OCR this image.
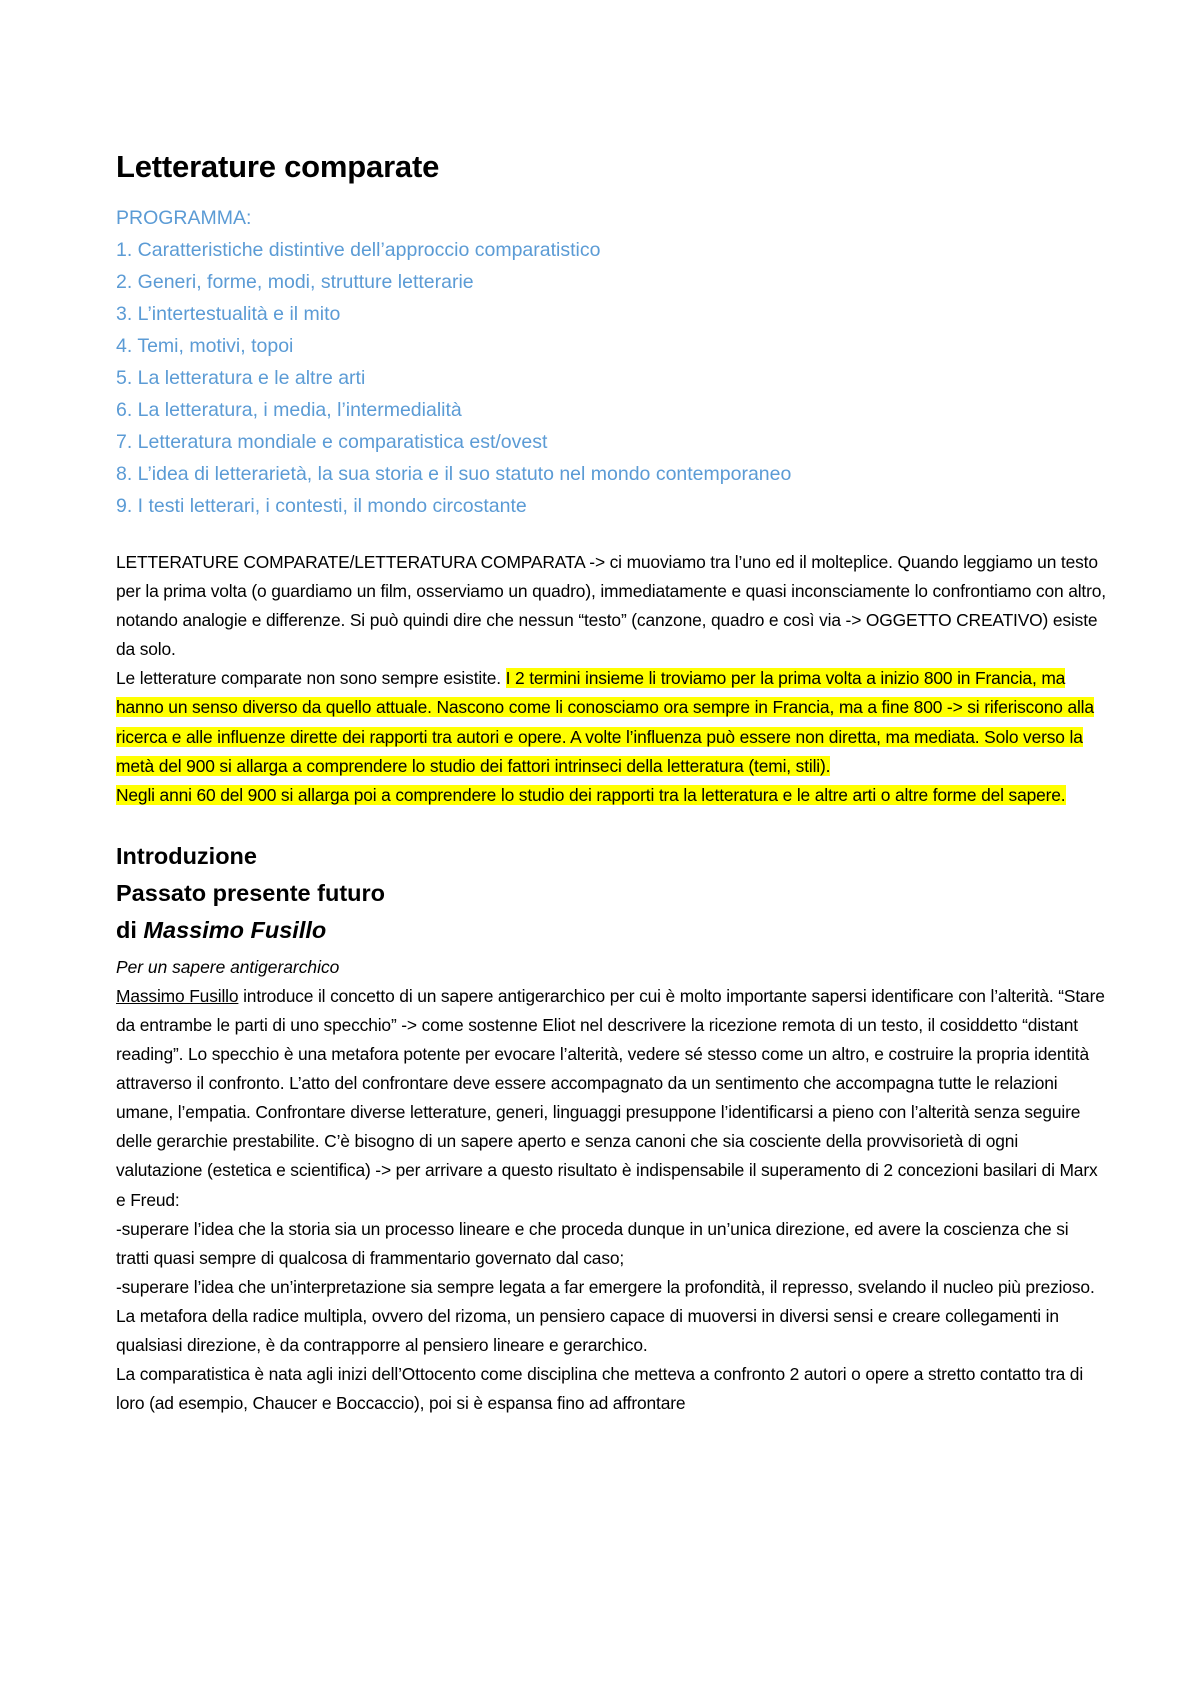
Letterature comparate

PROGRAMMA:

1. Caratteristiche distintive dell’approccio comparatistico
2. Generi, forme, modi, strutture letterarie
3. L’intertestualità e il mito
4. Temi, motivi, topoi
5. La letteratura e le altre arti
6. La letteratura, i media, l’intermedialità
7. Letteratura mondiale e comparatistica est/ovest
8. L’idea di letterarietà, la sua storia e il suo statuto nel mondo contemporaneo
9. I testi letterari, i contesti, il mondo circostante

LETTERATURE COMPARATE/LETTERATURA COMPARATA -> ci muoviamo tra l’uno ed il molteplice. Quando leggiamo un testo per la prima volta (o guardiamo un film, osserviamo un quadro), immediatamente e quasi inconsciamente lo confrontiamo con altro, notando analogie e differenze. Si può quindi dire che nessun “testo” (canzone, quadro e così via -> OGGETTO CREATIVO) esiste da solo.

Le letterature comparate non sono sempre esistite. I 2 termini insieme li troviamo per la prima volta a inizio 800 in Francia, ma hanno un senso diverso da quello attuale. Nascono come li conosciamo ora sempre in Francia, ma a fine 800 -> si riferiscono alla ricerca e alle influenze dirette dei rapporti tra autori e opere. A volte l’influenza può essere non diretta, ma mediata. Solo verso la metà del 900 si allarga a comprendere lo studio dei fattori intrinseci della letteratura (temi, stili).

Negli anni 60 del 900 si allarga poi a comprendere lo studio dei rapporti tra la letteratura e le altre arti o altre forme del sapere.

Introduzione
Passato presente futuro
di Massimo Fusillo

Per un sapere antigerarchico

Massimo Fusillo introduce il concetto di un sapere antigerarchico per cui è molto importante sapersi identificare con l’alterità. “Stare da entrambe le parti di uno specchio” -> come sostenne Eliot nel descrivere la ricezione remota di un testo, il cosiddetto “distant reading”. Lo specchio è una metafora potente per evocare l’alterità, vedere sé stesso come un altro, e costruire la propria identità attraverso il confronto. L’atto del confrontare deve essere accompagnato da un sentimento che accompagna tutte le relazioni umane, l’empatia. Confrontare diverse letterature, generi, linguaggi presuppone l’identificarsi a pieno con l’alterità senza seguire delle gerarchie prestabilite. C’è bisogno di un sapere aperto e senza canoni che sia cosciente della provvisorietà di ogni valutazione (estetica e scientifica) -> per arrivare a questo risultato è indispensabile il superamento di 2 concezioni basilari di Marx e Freud:

-superare l’idea che la storia sia un processo lineare e che proceda dunque in un’unica direzione, ed avere la coscienza che si tratti quasi sempre di qualcosa di frammentario governato dal caso;

-superare l’idea che un’interpretazione sia sempre legata a far emergere la profondità, il represso, svelando il nucleo più prezioso.

La metafora della radice multipla, ovvero del rizoma, un pensiero capace di muoversi in diversi sensi e creare collegamenti in qualsiasi direzione, è da contrapporre al pensiero lineare e gerarchico.

La comparatistica è nata agli inizi dell’Ottocento come disciplina che metteva a confronto 2 autori o opere a stretto contatto tra di loro (ad esempio, Chaucer e Boccaccio), poi si è espansa fino ad affrontare
